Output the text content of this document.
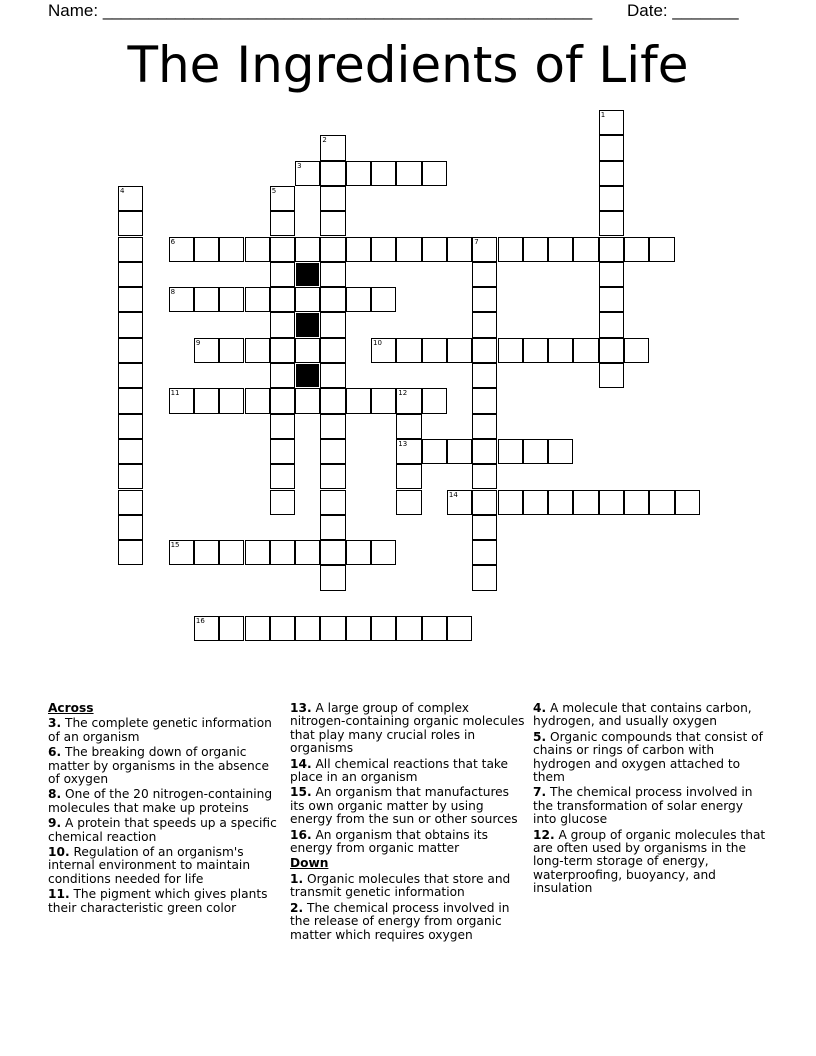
Name: ______________________________________________________ Date: _______
The Ingredients of Life
1
2
3
4	5
6	7
8
9	10
11	12
13
14
15
16

Across

3. The complete genetic information of an organism

6. The breaking down of organic matter by organisms in the absence of oxygen

8. One of the 20 nitrogen-containing molecules that make up proteins

9. A protein that speeds up a specific chemical reaction

10. Regulation of an organism's internal environment to maintain conditions needed for life

11. The pigment which gives plants their characteristic green color

13. A large group of complex nitrogen-containing organic molecules that play many crucial roles in organisms

14. All chemical reactions that take place in an organism

15. An organism that manufactures its own organic matter by using energy from the sun or other sources

16. An organism that obtains its energy from organic matter

Down

1. Organic molecules that store and transmit genetic information

2. The chemical process involved in the release of energy from organic matter which requires oxygen

4. A molecule that contains carbon, hydrogen, and usually oxygen

5. Organic compounds that consist of chains or rings of carbon with hydrogen and oxygen attached to them

7. The chemical process involved in the transformation of solar energy into glucose

12. A group of organic molecules that are often used by organisms in the long-term storage of energy, waterproofing, buoyancy, and insulation
